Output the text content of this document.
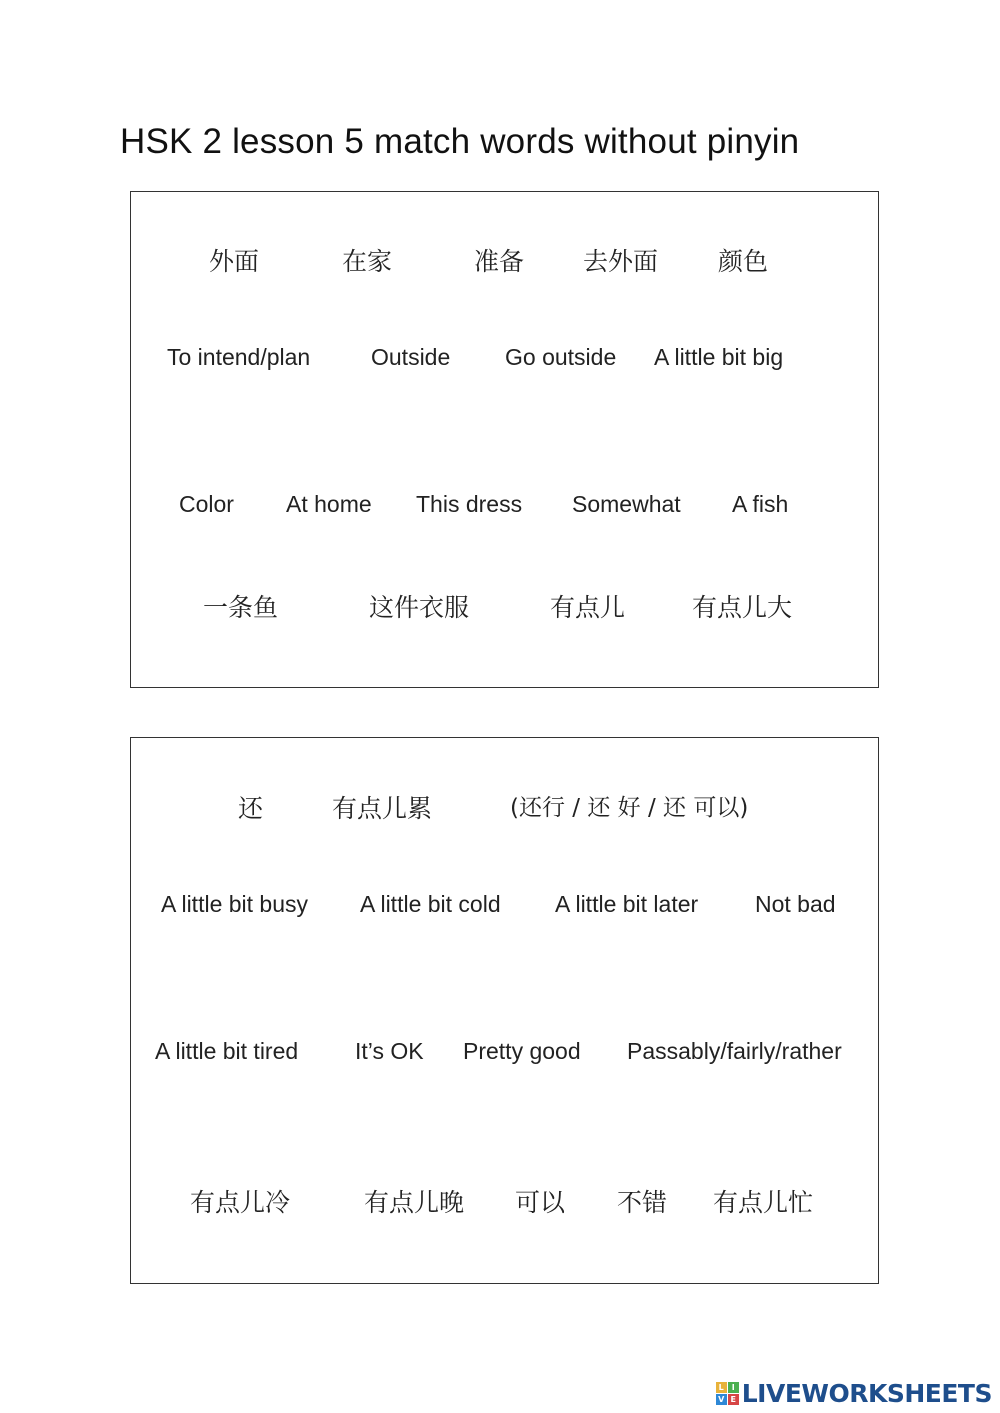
HSK 2 lesson 5 match words without pinyin
外面	在家	准备 去外面 颜色
To intend/plan	Outside Go outside A little bit big
Color At home This dress Somewhat A fish
一条鱼	这件衣服	有点儿	有点儿大
还	有点儿累	(还行 / 还 好 / 还 可以)
A little bit busy A little bit cold A little bit later Not bad
A little bit tired It’s OK Pretty good Passably/fairly/rather
有点儿冷	有点儿晚 可以 不错 有点儿忙
L I
V E LIVEWORKSHEETS
